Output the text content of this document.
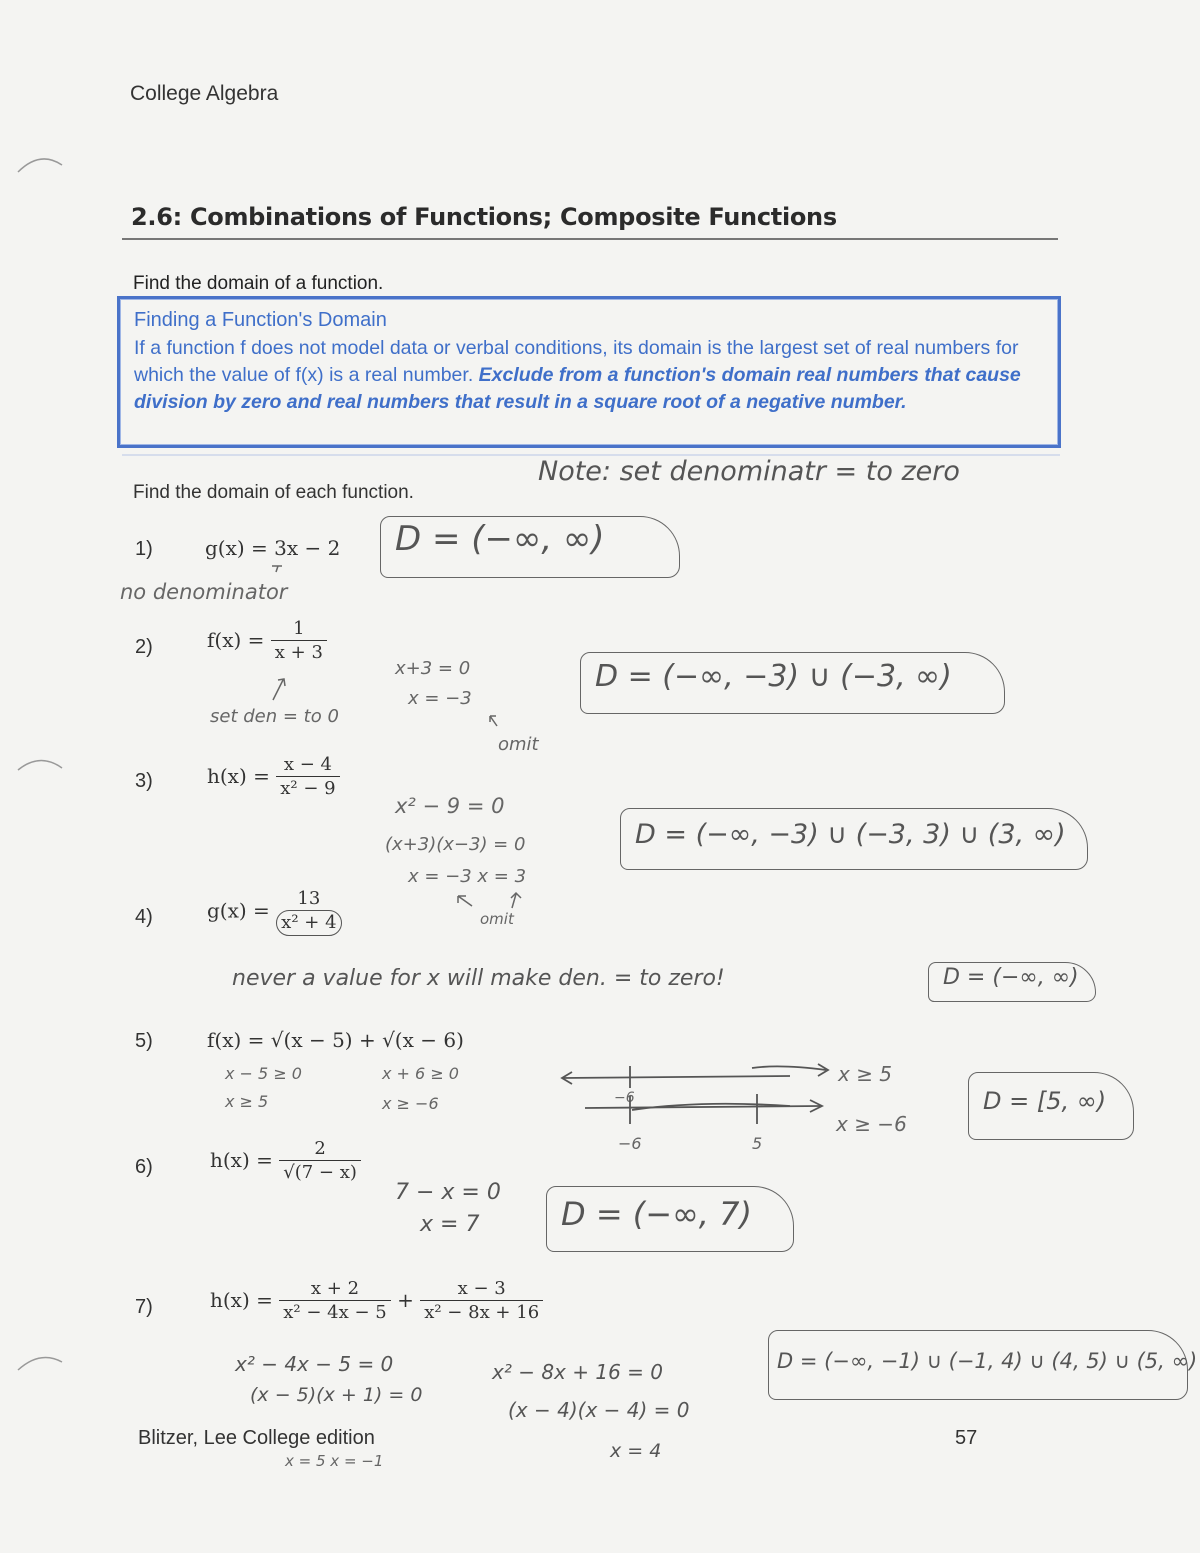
College Algebra
2.6: Combinations of Functions; Composite Functions
Find the domain of a function.
Finding a Function's Domain
If a function f does not model data or verbal conditions, its domain is the largest set of real numbers for which the value of f(x) is a real number. Exclude from a function's domain real numbers that cause division by zero and real numbers that result in a square root of a negative number.
Note: set denominatr = to zero
Find the domain of each function.
1)	g(x) = 3x − 2
no denominator
D = (−∞, ∞)
2)	$f(x) = \frac{1}{x + 3}$
set den = to 0
x+3 = 0
x = −3
omit
D = (−∞, −3) ∪ (−3, ∞)
3)	$h(x) = \frac{x - 4}{\text{x² − 9}}$
x² − 9 = 0
(x+3)(x−3) = 0
x = −3 x = 3
omit
D = (−∞, −3) ∪ (−3, 3) ∪ (3, ∞)
4)	$g(x) = \frac{13}{\text{x² + 4}}$
never a value for x will make den. = to zero!	D = (−∞, ∞)
5)	f(x) = √(x − 5) + √(x − 6)
x − 5 ≥ 0
x ≥ 5
x + 6 ≥ 0
x ≥ −6
x ≥ 5
x ≥ −6
−6
−6	5
D = [5, ∞)
6)	$h(x) = \frac{2}{√(7 - x)}$
7 − x = 0
x = 7	D = (−∞, 7)
7)	$h(x) = \frac{x + 2}{\text{x² − 4x − 5}} + \frac{x - 3}{\text{x² − 8x + 16}}$
x² − 4x − 5 = 0
(x − 5)(x + 1) = 0
x = 5 x = −1
x² − 8x + 16 = 0
(x − 4)(x − 4) = 0
x = 4
D = (−∞, −1) ∪ (−1, 4) ∪ (4, 5) ∪ (5, ∞)
Blitzer, Lee College edition	57
